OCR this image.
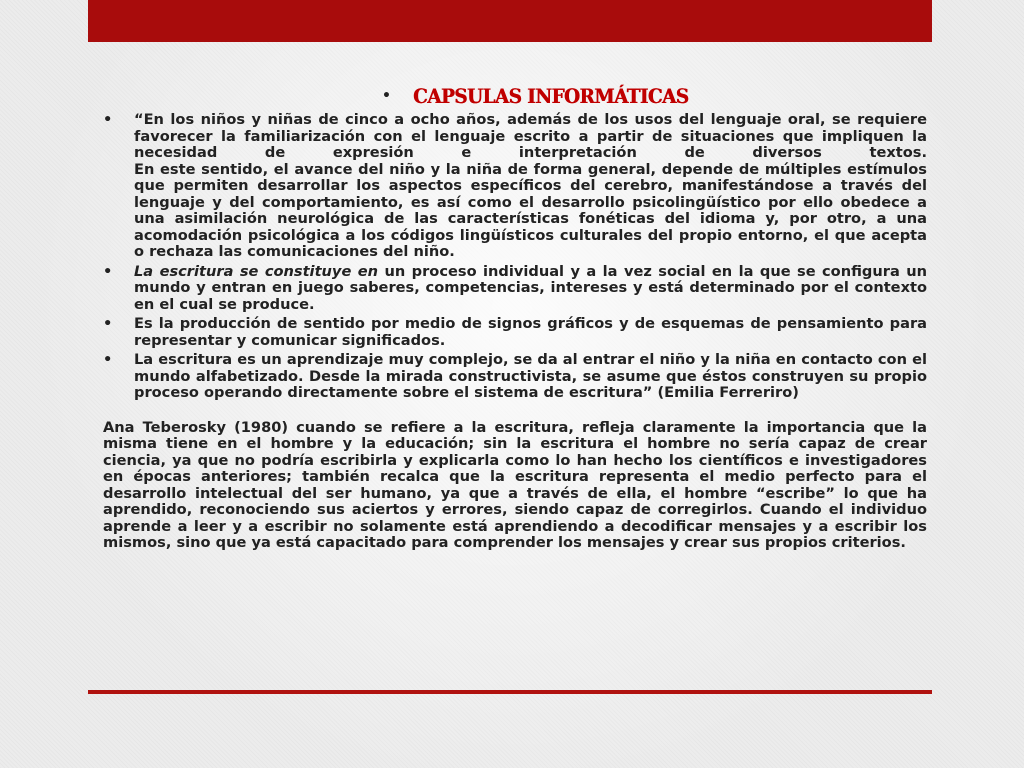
•	CAPSULAS INFORMÁTICAS
• “En los niños y niñas de cinco a ocho años, además de los usos del lenguaje oral, se requiere favorecer la familiarización con el lenguaje escrito a partir de situaciones que impliquen la necesidad de expresión e interpretación de diversos textos.
En este sentido, el avance del niño y la niña de forma general, depende de múltiples estímulos que permiten desarrollar los aspectos específicos del cerebro, manifestándose a través del lenguaje y del comportamiento, es así como el desarrollo psicolingüístico por ello obedece a una asimilación neurológica de las características fonéticas del idioma y, por otro, a una acomodación psicológica a los códigos lingüísticos culturales del propio entorno, el que acepta o rechaza las comunicaciones del niño.
• La escritura se constituye en un proceso individual y a la vez social en la que se configura un mundo y entran en juego saberes, competencias, intereses y está determinado por el contexto en el cual se produce.
• Es la producción de sentido por medio de signos gráficos y de esquemas de pensamiento para representar y comunicar significados.
• La escritura es un aprendizaje muy complejo, se da al entrar el niño y la niña en contacto con el mundo alfabetizado. Desde la mirada constructivista, se asume que éstos construyen su propio proceso operando directamente sobre el sistema de escritura” (Emilia Ferreriro)
Ana Teberosky (1980) cuando se refiere a la escritura, refleja claramente la importancia que la misma tiene en el hombre y la educación; sin la escritura el hombre no sería capaz de crear ciencia, ya que no podría escribirla y explicarla como lo han hecho los científicos e investigadores en épocas anteriores; también recalca que la escritura representa el medio perfecto para el desarrollo intelectual del ser humano, ya que a través de ella, el hombre “escribe” lo que ha aprendido, reconociendo sus aciertos y errores, siendo capaz de corregirlos. Cuando el individuo aprende a leer y a escribir no solamente está aprendiendo a decodificar mensajes y a escribir los mismos, sino que ya está capacitado para comprender los mensajes y crear sus propios criterios.
